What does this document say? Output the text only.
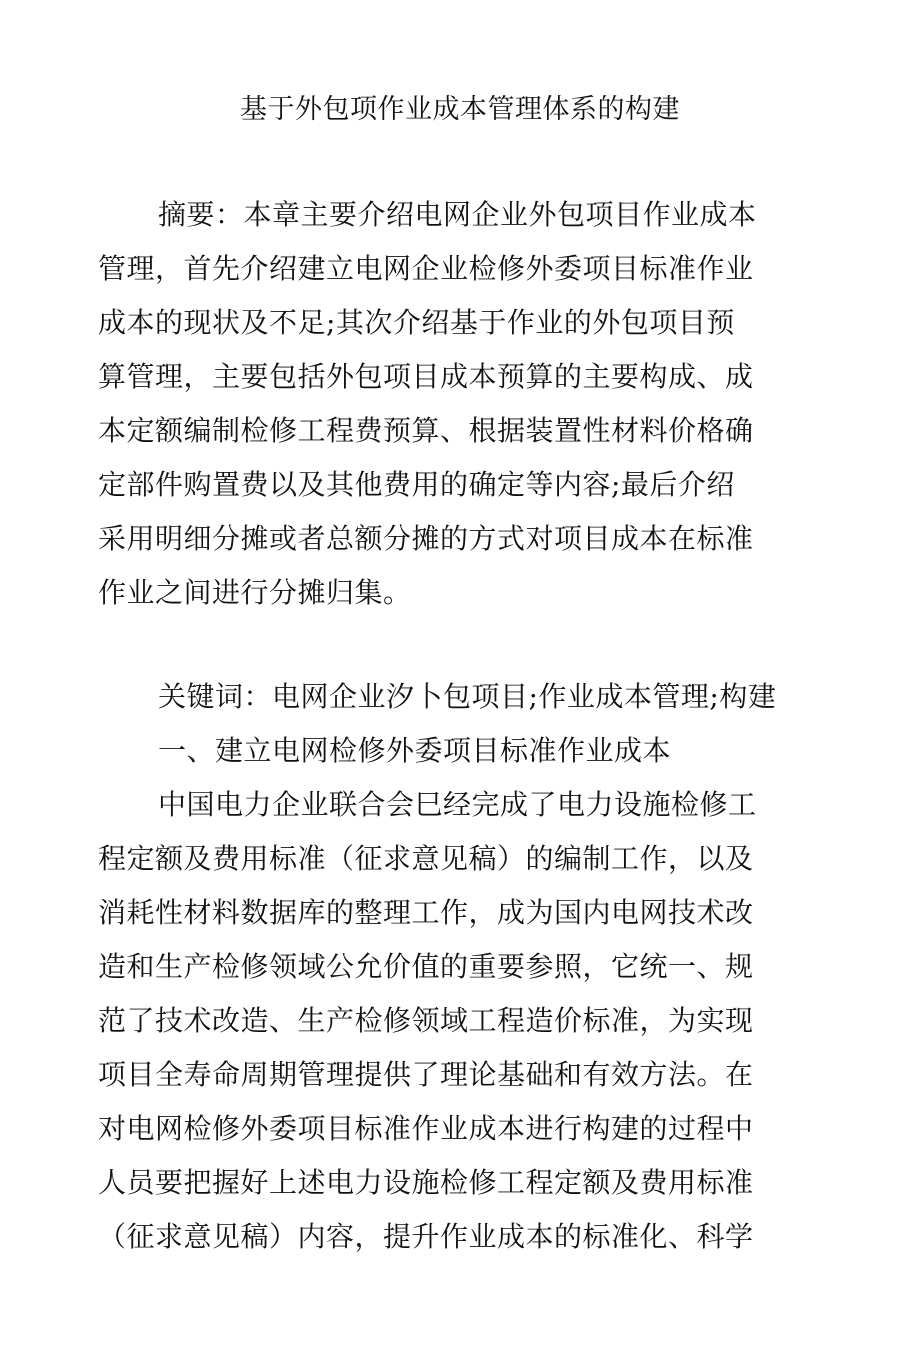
基于外包项作业成本管理体系的构建
摘要：本章主要介绍电网企业外包项目作业成本
管理，首先介绍建立电网企业检修外委项目标准作业
成本的现状及不足;其次介绍基于作业的外包项目预
算管理，主要包括外包项目成本预算的主要构成、成
本定额编制检修工程费预算、根据装置性材料价格确
定部件购置费以及其他费用的确定等内容;最后介绍
采用明细分摊或者总额分摊的方式对项目成本在标准
作业之间进行分摊归集。
关键词：电网企业汐卜包项目;作业成本管理;构建
一、建立电网检修外委项目标准作业成本
中国电力企业联合会巳经完成了电力设施检修工
程定额及费用标准（征求意见稿）的编制工作，以及
消耗性材料数据库的整理工作，成为国内电网技术改
造和生产检修领域公允价值的重要参照，它统一、规
范了技术改造、生产检修领域工程造价标准，为实现
项目全寿命周期管理提供了理论基础和有效方法。在
对电网检修外委项目标准作业成本进行构建的过程中
人员要把握好上述电力设施检修工程定额及费用标准
（征求意见稿）内容，提升作业成本的标准化、科学
